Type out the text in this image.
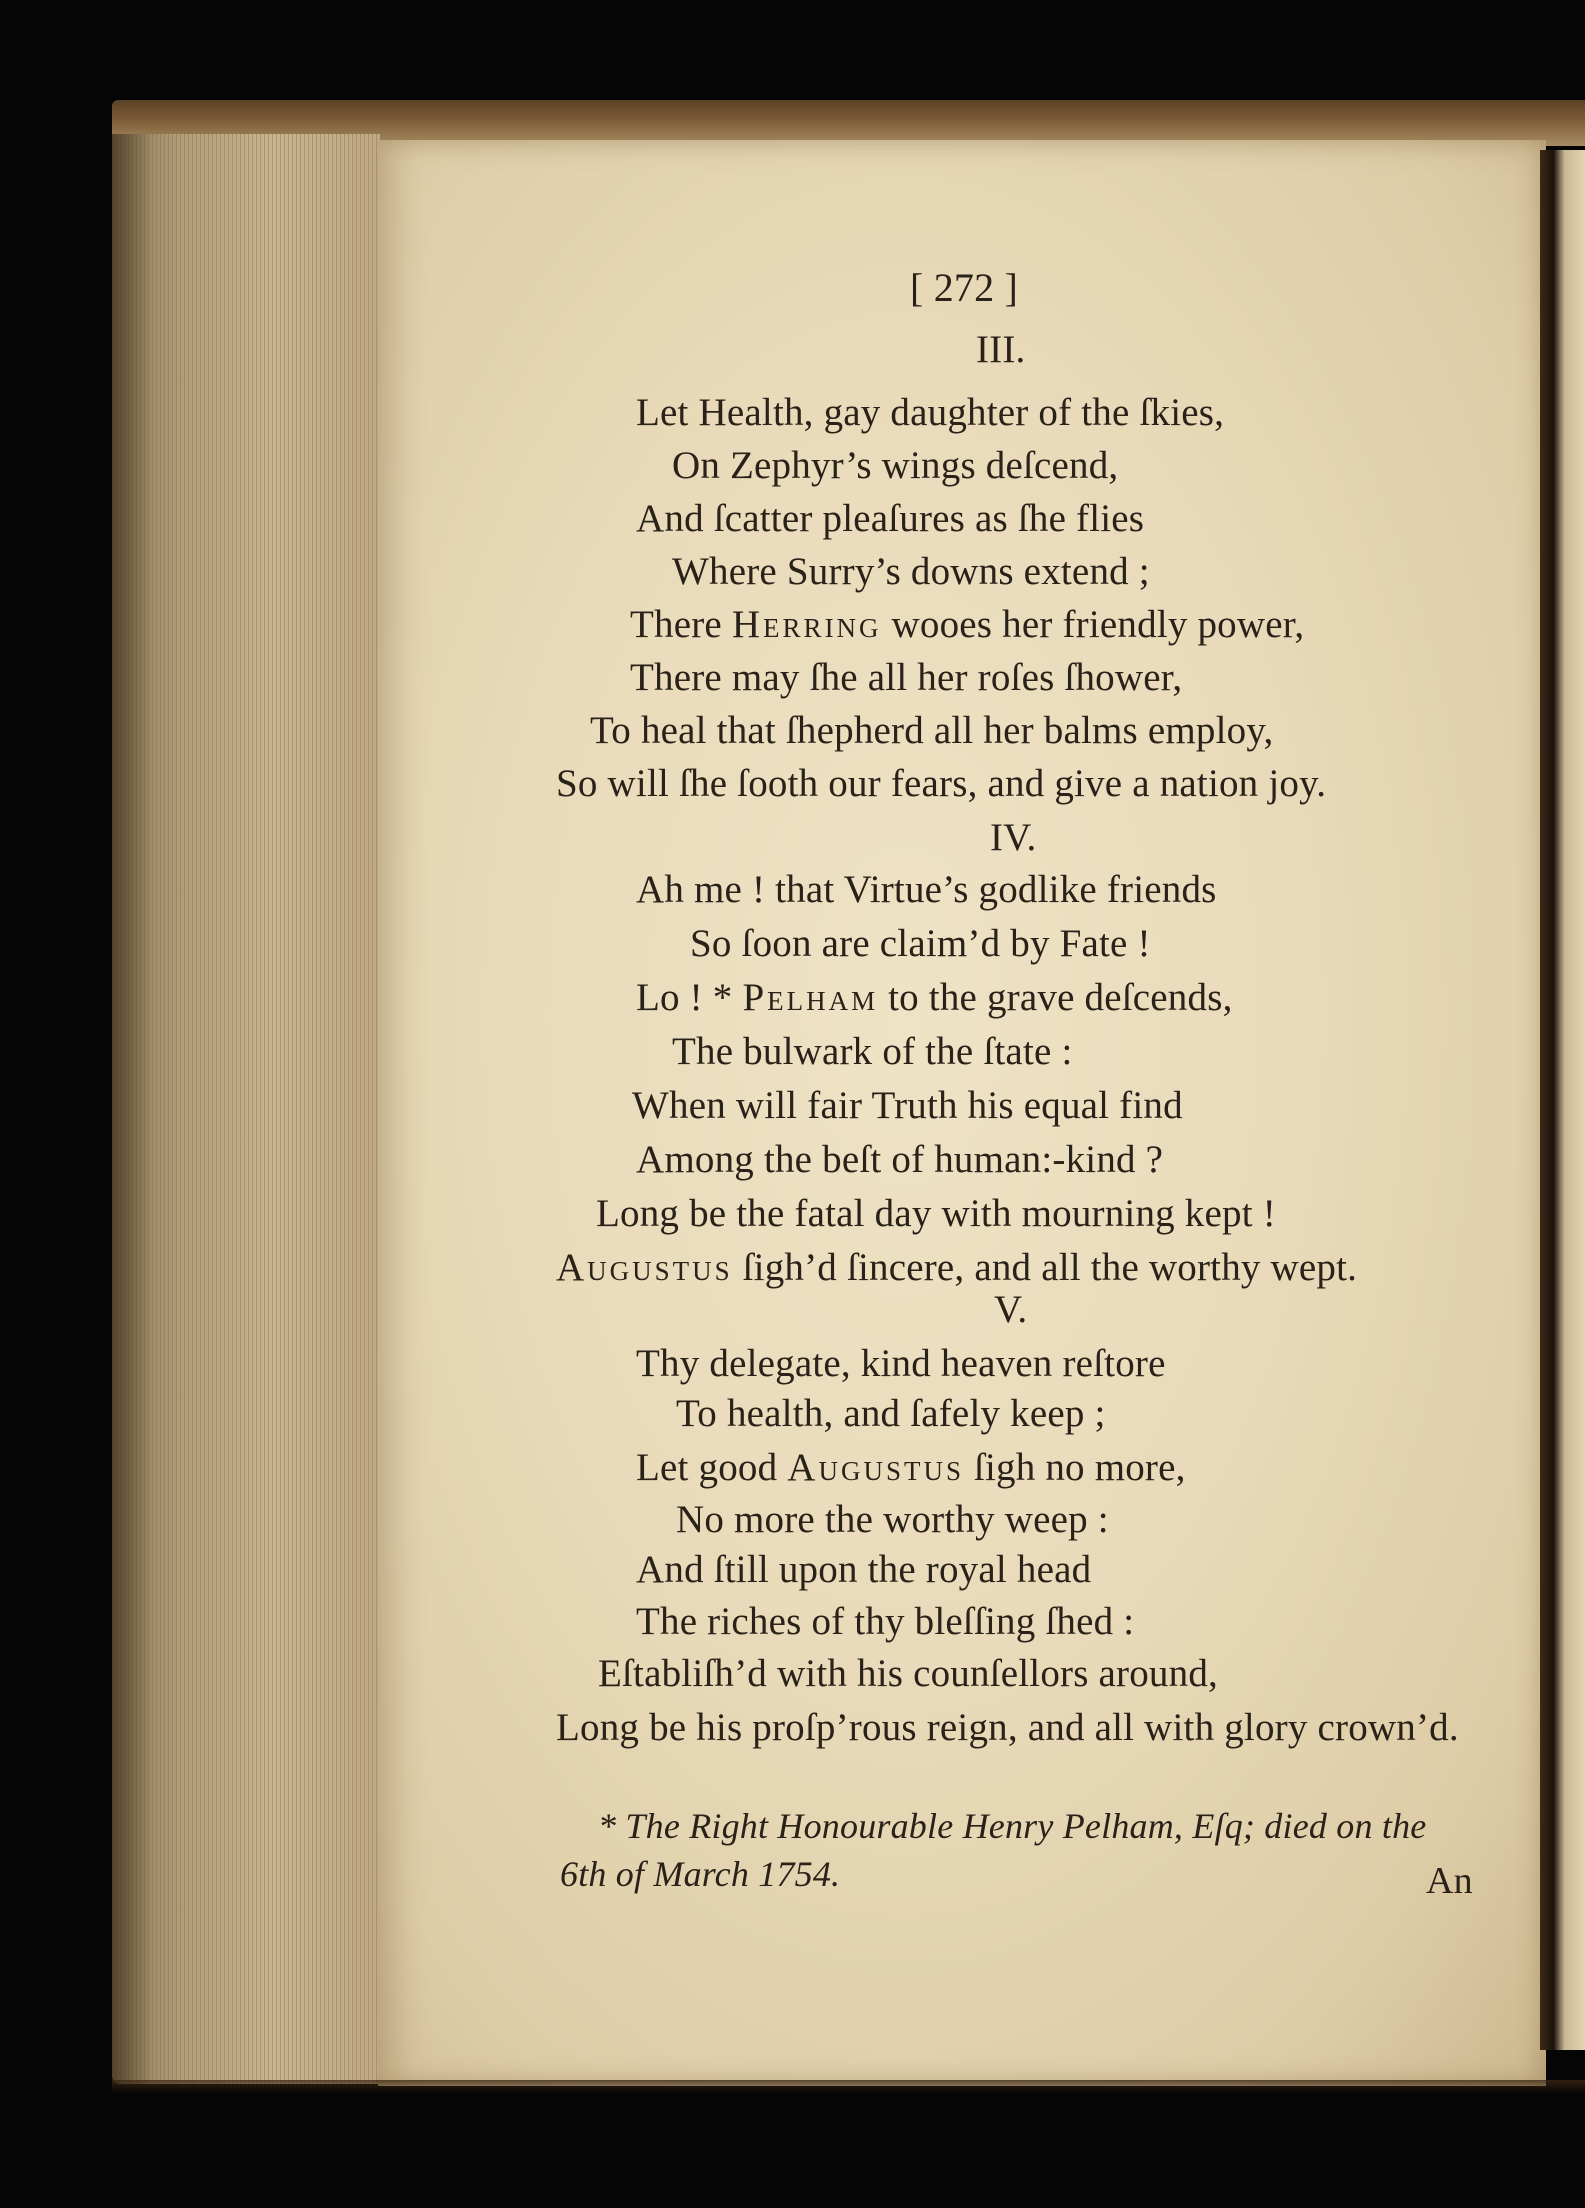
[ 272 ]
III.
Let Health, gay daughter of the ſkies,
On Zephyr’s wings deſcend,
And ſcatter pleaſures as ſhe flies
Where Surry’s downs extend ;
There Herring wooes her friendly power,
There may ſhe all her roſes ſhower,
To heal that ſhepherd all her balms employ,
So will ſhe ſooth our fears, and give a nation joy.
IV.
Ah me ! that Virtue’s godlike friends
So ſoon are claim’d by Fate !
Lo ! * Pelham to the grave deſcends,
The bulwark of the ſtate :
When will fair Truth his equal find
Among the beſt of human:-kind ?
Long be the fatal day with mourning kept !
Augustus ſigh’d ſincere, and all the worthy wept.
V.
Thy delegate, kind heaven reſtore
To health, and ſafely keep ;
Let good Augustus ſigh no more,
No more the worthy weep :
And ſtill upon the royal head
The riches of thy bleſſing ſhed :
Eſtabliſh’d with his counſellors around,
Long be his proſp’rous reign, and all with glory crown’d.
* The Right Honourable Henry Pelham, Eſq; died on the
6th of March 1754.	An
